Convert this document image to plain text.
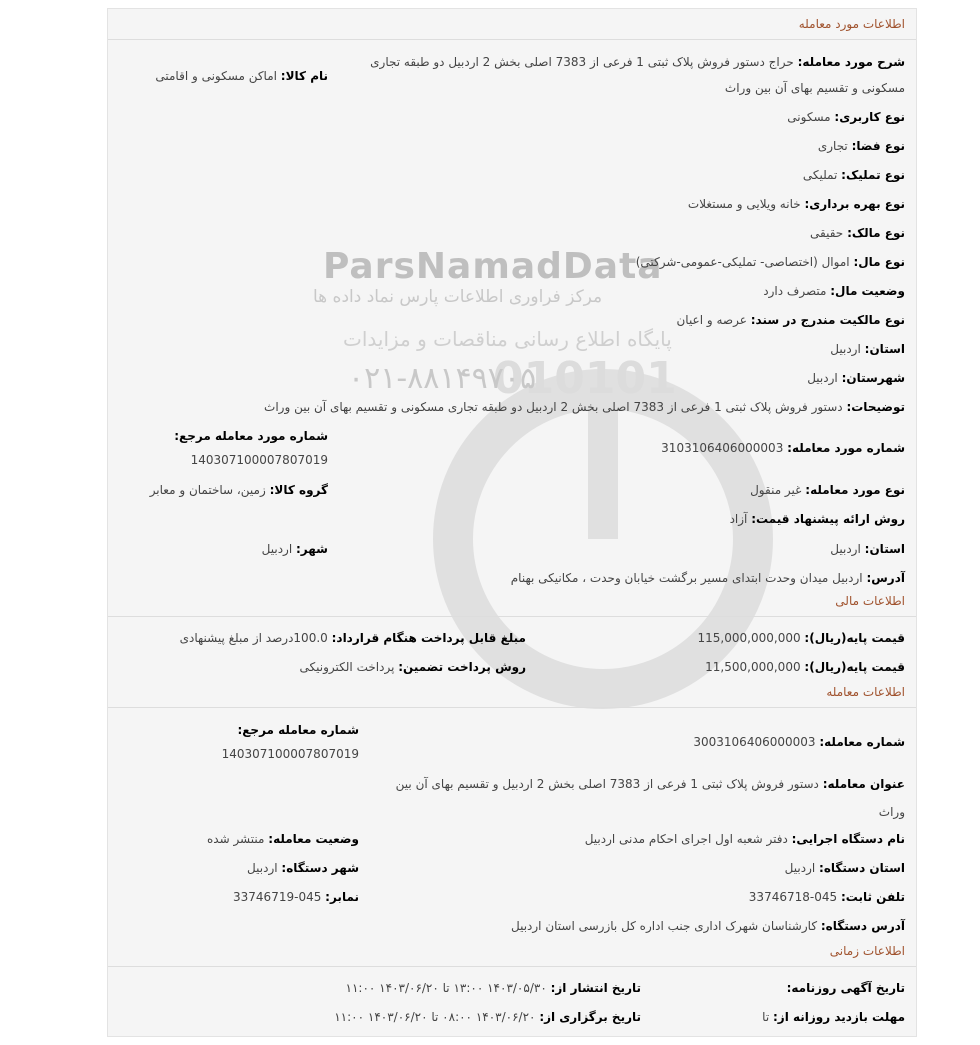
010101
ParsNamadData
مرکز فراوری اطلاعات پارس نماد داده ها
پایگاه اطلاع رسانی مناقصات و مزایدات
۰۲۱-۸۸۱۴۹۷۰۵
اطلاعات مورد معامله
شرح مورد معامله: حراج دستور فروش پلاک ثبتی 1 فرعی از 7383 اصلی بخش 2 اردبیل دو طبقه تجاری
مسکونی و تقسیم بهای آن بین وراث
نام کالا: اماکن مسکونی و اقامتی
نوع کاربری: مسکونی
نوع فضا: تجاری
نوع تملیک: تملیکی
نوع بهره برداری: خانه ویلایی و مستغلات
نوع مالک: حقیقی
نوع مال: اموال (اختصاصی- تملیکی-عمومی-شرکتی)
وضعیت مال: متصرف دارد
نوع مالکیت مندرج در سند: عرصه و اعیان
استان: اردبیل
شهرستان: اردبیل
توضیحات: دستور فروش پلاک ثبتی 1 فرعی از 7383 اصلی بخش 2 اردبیل دو طبقه تجاری مسکونی و تقسیم بهای آن بین وراث
شماره مورد معامله: 3103106406000003
شماره مورد معامله مرجع:
140307100007807019
نوع مورد معامله: غیر منقول
گروه کالا: زمین، ساختمان و معابر
روش ارائه پیشنهاد قیمت: آزاد
استان: اردبیل
شهر: اردبیل
آدرس: اردبیل میدان وحدت ابتدای مسیر برگشت خیابان وحدت ، مکانیکی بهنام
اطلاعات مالی
قیمت پایه(ریال): 115,000,000,000
مبلغ قابل پرداخت هنگام قرارداد: 100.0درصد از مبلغ پیشنهادی
قیمت پایه(ریال): 11,500,000,000
روش پرداخت تضمین: پرداخت الکترونیکی
اطلاعات معامله
شماره معامله: 3003106406000003
شماره معامله مرجع:
140307100007807019
عنوان معامله: دستور فروش پلاک ثبتی 1 فرعی از 7383 اصلی بخش 2 اردبیل و تقسیم بهای آن بین
وراث
نام دستگاه اجرایی: دفتر شعبه اول اجرای احکام مدنی اردبیل
وضعیت معامله: منتشر شده
استان دستگاه: اردبیل
شهر دستگاه: اردبیل
تلفن ثابت: 045-33746718
نمابر: 045-33746719
آدرس دستگاه: کارشناسان شهرک اداری جنب اداره کل بازرسی استان اردبیل
اطلاعات زمانی
تاریخ آگهی روزنامه:
تاریخ انتشار از: ۱۴۰۳/۰۵/۳۰ ۱۳:۰۰ تا ۱۴۰۳/۰۶/۲۰ ۱۱:۰۰
مهلت بازدید روزانه از: تا
تاریخ برگزاری از: ۱۴۰۳/۰۶/۲۰ ۰۸:۰۰ تا ۱۴۰۳/۰۶/۲۰ ۱۱:۰۰
